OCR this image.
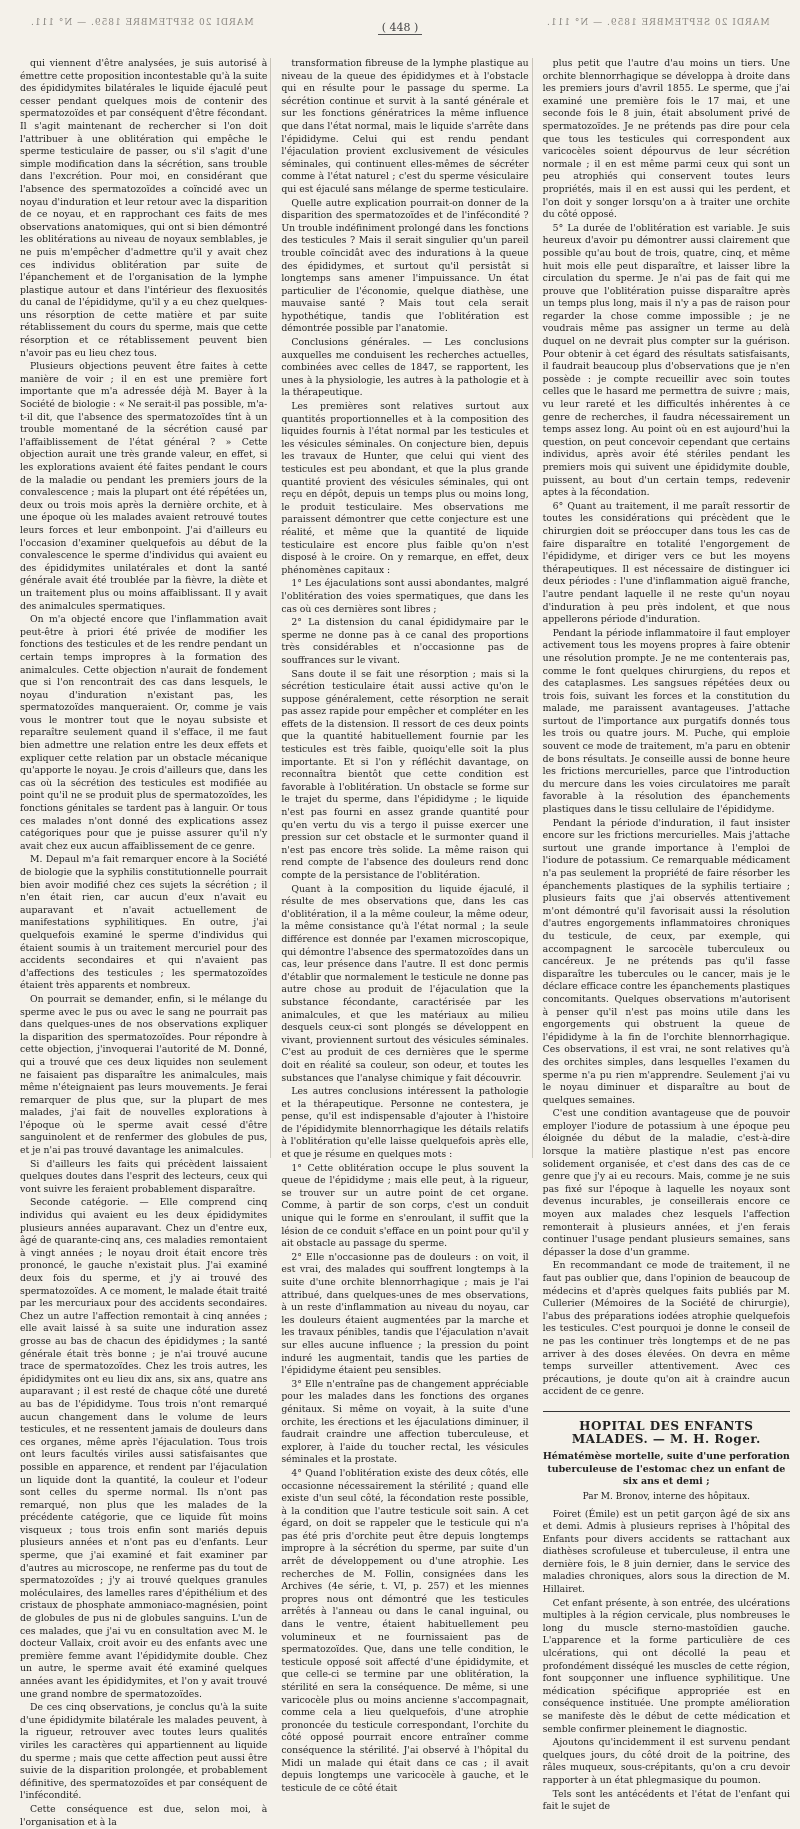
MARDI 20 SEPTEMBRE 1859. — N° 111.	( 448 )	MARDI 20 SEPTEMBRE 1859. — N° 111.

qui viennent d'être analysées, je suis autorisé à émettre cette proposition incontestable qu'à la suite des épididymites bilatérales le liquide éjaculé peut cesser pendant quelques mois de contenir des spermatozoïdes et par conséquent d'être fécondant. Il s'agit maintenant de rechercher si l'on doit l'attribuer à une oblitération qui empêche le sperme testiculaire de passer, ou s'il s'agit d'une simple modification dans la sécrétion, sans trouble dans l'excrétion. Pour moi, en considérant que l'absence des spermatozoïdes a coïncidé avec un noyau d'induration et leur retour avec la disparition de ce noyau, et en rapprochant ces faits de mes observations anatomiques, qui ont si bien démontré les oblitérations au niveau de noyaux semblables, je ne puis m'empêcher d'admettre qu'il y avait chez ces individus oblitération par suite de l'épanchement et de l'organisation de la lymphe plastique autour et dans l'intérieur des flexuosités du canal de l'épididyme, qu'il y a eu chez quelques-uns résorption de cette matière et par suite rétablissement du cours du sperme, mais que cette résorption et ce rétablissement peuvent bien n'avoir pas eu lieu chez tous.

Plusieurs objections peuvent être faites à cette manière de voir ; il en est une première fort importante que m'a adressée déjà M. Bayer à la Société de biologie : « Ne serait-il pas possible, m'a-t-il dit, que l'absence des spermatozoïdes tînt à un trouble momentané de la sécrétion causé par l'affaiblissement de l'état général ? » Cette objection aurait une très grande valeur, en effet, si les explorations avaient été faites pendant le cours de la maladie ou pendant les premiers jours de la convalescence ; mais la plupart ont été répétées un, deux ou trois mois après la dernière orchite, et à une époque où les malades avaient retrouvé toutes leurs forces et leur embonpoint. J'ai d'ailleurs eu l'occasion d'examiner quelquefois au début de la convalescence le sperme d'individus qui avaient eu des épididymites unilatérales et dont la santé générale avait été troublée par la fièvre, la diète et un traitement plus ou moins affaiblissant. Il y avait des animalcules spermatiques.

On m'a objecté encore que l'inflammation avait peut-être à priori été privée de modifier les fonctions des testicules et de les rendre pendant un certain temps impropres à la formation des animalcules. Cette objection n'aurait de fondement que si l'on rencontrait des cas dans lesquels, le noyau d'induration n'existant pas, les spermatozoïdes manqueraient. Or, comme je vais vous le montrer tout que le noyau subsiste et reparaître seulement quand il s'efface, il me faut bien admettre une relation entre les deux effets et expliquer cette relation par un obstacle mécanique qu'apporte le noyau. Je crois d'ailleurs que, dans les cas où la sécrétion des testicules est modifiée au point qu'il ne se produit plus de spermatozoïdes, les fonctions génitales se tardent pas à languir. Or tous ces malades n'ont donné des explications assez catégoriques pour que je puisse assurer qu'il n'y avait chez eux aucun affaiblissement de ce genre.

M. Depaul m'a fait remarquer encore à la Société de biologie que la syphilis constitutionnelle pourrait bien avoir modifié chez ces sujets la sécrétion ; il n'en était rien, car aucun d'eux n'avait eu auparavant et n'avait actuellement de manifestations syphilitiques. En outre, j'ai quelquefois examiné le sperme d'individus qui étaient soumis à un traitement mercuriel pour des accidents secondaires et qui n'avaient pas d'affections des testicules ; les spermatozoïdes étaient très apparents et nombreux.

On pourrait se demander, enfin, si le mélange du sperme avec le pus ou avec le sang ne pourrait pas dans quelques-unes de nos observations expliquer la disparition des spermatozoïdes. Pour répondre à cette objection, j'invoquerai l'autorité de M. Donné, qui a trouvé que ces deux liquides non seulement ne faisaient pas disparaître les animalcules, mais même n'éteignaient pas leurs mouvements. Je ferai remarquer de plus que, sur la plupart de mes malades, j'ai fait de nouvelles explorations à l'époque où le sperme avait cessé d'être sanguinolent et de renfermer des globules de pus, et je n'ai pas trouvé davantage les animalcules.

Si d'ailleurs les faits qui précèdent laissaient quelques doutes dans l'esprit des lecteurs, ceux qui vont suivre les feraient probablement disparaître.

Seconde catégorie. — Elle comprend cinq individus qui avaient eu les deux épididymites plusieurs années auparavant. Chez un d'entre eux, âgé de quarante-cinq ans, ces maladies remontaient à vingt années ; le noyau droit était encore très prononcé, le gauche n'existait plus. J'ai examiné deux fois du sperme, et j'y ai trouvé des spermatozoïdes. A ce moment, le malade était traité par les mercuriaux pour des accidents secondaires. Chez un autre l'affection remontait à cinq années ; elle avait laissé à sa suite une induration assez grosse au bas de chacun des épididymes ; la santé générale était très bonne ; je n'ai trouvé aucune trace de spermatozoïdes. Chez les trois autres, les épididymites ont eu lieu dix ans, six ans, quatre ans auparavant ; il est resté de chaque côté une dureté au bas de l'épididyme. Tous trois n'ont remarqué aucun changement dans le volume de leurs testicules, et ne ressentent jamais de douleurs dans ces organes, même après l'éjaculation. Tous trois ont leurs facultés viriles aussi satisfaisantes que possible en apparence, et rendent par l'éjaculation un liquide dont la quantité, la couleur et l'odeur sont celles du sperme normal. Ils n'ont pas remarqué, non plus que les malades de la précédente catégorie, que ce liquide fût moins visqueux ; tous trois enfin sont mariés depuis plusieurs années et n'ont pas eu d'enfants. Leur sperme, que j'ai examiné et fait examiner par d'autres au microscope, ne renferme pas du tout de spermatozoïdes ; j'y ai trouvé quelques granules moléculaires, des lamelles rares d'épithélium et des cristaux de phosphate ammoniaco-magnésien, point de globules de pus ni de globules sanguins. L'un de ces malades, que j'ai vu en consultation avec M. le docteur Vallaix, croit avoir eu des enfants avec une première femme avant l'épididymite double. Chez un autre, le sperme avait été examiné quelques années avant les épididymites, et l'on y avait trouvé une grand nombre de spermatozoïdes.

De ces cinq observations, je conclus qu'à la suite d'une épididymite bilatérale les malades peuvent, à la rigueur, retrouver avec toutes leurs qualités viriles les caractères qui appartiennent au liquide du sperme ; mais que cette affection peut aussi être suivie de la disparition prolongée, et probablement définitive, des spermatozoïdes et par conséquent de l'infécondité.

Cette conséquence est due, selon moi, à l'organisation et à la

transformation fibreuse de la lymphe plastique au niveau de la queue des épididymes et à l'obstacle qui en résulte pour le passage du sperme. La sécrétion continue et survit à la santé générale et sur les fonctions génératrices la même influence que dans l'état normal, mais le liquide s'arrête dans l'épididyme. Celui qui est rendu pendant l'éjaculation provient exclusivement de vésicules séminales, qui continuent elles-mêmes de sécréter comme à l'état naturel ; c'est du sperme vésiculaire qui est éjaculé sans mélange de sperme testiculaire.

Quelle autre explication pourrait-on donner de la disparition des spermatozoïdes et de l'infécondité ? Un trouble indéfiniment prolongé dans les fonctions des testicules ? Mais il serait singulier qu'un pareil trouble coïncidât avec des indurations à la queue des épididymes, et surtout qu'il persistât si longtemps sans amener l'impuissance. Un état particulier de l'économie, quelque diathèse, une mauvaise santé ? Mais tout cela serait hypothétique, tandis que l'oblitération est démontrée possible par l'anatomie.

Conclusions générales. — Les conclusions auxquelles me conduisent les recherches actuelles, combinées avec celles de 1847, se rapportent, les unes à la physiologie, les autres à la pathologie et à la thérapeutique.

Les premières sont relatives surtout aux quantités proportionnelles et à la composition des liquides fournis à l'état normal par les testicules et les vésicules séminales. On conjecture bien, depuis les travaux de Hunter, que celui qui vient des testicules est peu abondant, et que la plus grande quantité provient des vésicules séminales, qui ont reçu en dépôt, depuis un temps plus ou moins long, le produit testiculaire. Mes observations me paraissent démontrer que cette conjecture est une réalité, et même que la quantité de liquide testiculaire est encore plus faible qu'on n'est disposé à le croire. On y remarque, en effet, deux phénomènes capitaux :

1° Les éjaculations sont aussi abondantes, malgré l'oblitération des voies spermatiques, que dans les cas où ces dernières sont libres ;

2° La distension du canal épididymaire par le sperme ne donne pas à ce canal des proportions très considérables et n'occasionne pas de souffrances sur le vivant.

Sans doute il se fait une résorption ; mais si la sécrétion testiculaire était aussi active qu'on le suppose généralement, cette résorption ne serait pas assez rapide pour empêcher et compléter en les effets de la distension. Il ressort de ces deux points que la quantité habituellement fournie par les testicules est très faible, quoiqu'elle soit la plus importante. Et si l'on y réfléchit davantage, on reconnaîtra bientôt que cette condition est favorable à l'oblitération. Un obstacle se forme sur le trajet du sperme, dans l'épididyme ; le liquide n'est pas fourni en assez grande quantité pour qu'en vertu du vis a tergo il puisse exercer une pression sur cet obstacle et le surmonter quand il n'est pas encore très solide. La même raison qui rend compte de l'absence des douleurs rend donc compte de la persistance de l'oblitération.

Quant à la composition du liquide éjaculé, il résulte de mes observations que, dans les cas d'oblitération, il a la même couleur, la même odeur, la même consistance qu'à l'état normal ; la seule différence est donnée par l'examen microscopique, qui démontre l'absence des spermatozoïdes dans un cas, leur présence dans l'autre. Il est donc permis d'établir que normalement le testicule ne donne pas autre chose au produit de l'éjaculation que la substance fécondante, caractérisée par les animalcules, et que les matériaux au milieu desquels ceux-ci sont plongés se développent en vivant, proviennent surtout des vésicules séminales. C'est au produit de ces dernières que le sperme doit en réalité sa couleur, son odeur, et toutes les substances que l'analyse chimique y fait découvrir.

Les autres conclusions intéressent la pathologie et la thérapeutique. Personne ne contestera, je pense, qu'il est indispensable d'ajouter à l'histoire de l'épididymite blennorrhagique les détails relatifs à l'oblitération qu'elle laisse quelquefois après elle, et que je résume en quelques mots :

1° Cette oblitération occupe le plus souvent la queue de l'épididyme ; mais elle peut, à la rigueur, se trouver sur un autre point de cet organe. Comme, à partir de son corps, c'est un conduit unique qui le forme en s'enroulant, il suffit que la lésion de ce conduit s'efface en un point pour qu'il y ait obstacle au passage du sperme.

2° Elle n'occasionne pas de douleurs : on voit, il est vrai, des malades qui souffrent longtemps à la suite d'une orchite blennorrhagique ; mais je l'ai attribué, dans quelques-unes de mes observations, à un reste d'inflammation au niveau du noyau, car les douleurs étaient augmentées par la marche et les travaux pénibles, tandis que l'éjaculation n'avait sur elles aucune influence ; la pression du point induré les augmentait, tandis que les parties de l'épididyme étaient peu sensibles.

3° Elle n'entraîne pas de changement appréciable pour les malades dans les fonctions des organes génitaux. Si même on voyait, à la suite d'une orchite, les érections et les éjaculations diminuer, il faudrait craindre une affection tuberculeuse, et explorer, à l'aide du toucher rectal, les vésicules séminales et la prostate.

4° Quand l'oblitération existe des deux côtés, elle occasionne nécessairement la stérilité ; quand elle existe d'un seul côté, la fécondation reste possible, à la condition que l'autre testicule soit sain. A cet égard, on doit se rappeler que le testicule qui n'a pas été pris d'orchite peut être depuis longtemps impropre à la sécrétion du sperme, par suite d'un arrêt de développement ou d'une atrophie. Les recherches de M. Follin, consignées dans les Archives (4e série, t. VI, p. 257) et les miennes propres nous ont démontré que les testicules arrêtés à l'anneau ou dans le canal inguinal, ou dans le ventre, étaient habituellement peu volumineux et ne fournissaient pas de spermatozoïdes. Que, dans une telle condition, le testicule opposé soit affecté d'une épididymite, et que celle-ci se termine par une oblitération, la stérilité en sera la conséquence. De même, si une varicocèle plus ou moins ancienne s'accompagnait, comme cela a lieu quelquefois, d'une atrophie prononcée du testicule correspondant, l'orchite du côté opposé pourrait encore entraîner comme conséquence la stérilité. J'ai observé à l'hôpital du Midi un malade qui était dans ce cas ; il avait depuis longtemps une varicocèle à gauche, et le testicule de ce côté était

plus petit que l'autre d'au moins un tiers. Une orchite blennorrhagique se développa à droite dans les premiers jours d'avril 1855. Le sperme, que j'ai examiné une première fois le 17 mai, et une seconde fois le 8 juin, était absolument privé de spermatozoïdes. Je ne prétends pas dire pour cela que tous les testicules qui correspondent aux varicocèles soient dépourvus de leur sécrétion normale ; il en est même parmi ceux qui sont un peu atrophiés qui conservent toutes leurs propriétés, mais il en est aussi qui les perdent, et l'on doit y songer lorsqu'on a à traiter une orchite du côté opposé.

5° La durée de l'oblitération est variable. Je suis heureux d'avoir pu démontrer aussi clairement que possible qu'au bout de trois, quatre, cinq, et même huit mois elle peut disparaître, et laisser libre la circulation du sperme. Je n'ai pas de fait qui me prouve que l'oblitération puisse disparaître après un temps plus long, mais il n'y a pas de raison pour regarder la chose comme impossible ; je ne voudrais même pas assigner un terme au delà duquel on ne devrait plus compter sur la guérison. Pour obtenir à cet égard des résultats satisfaisants, il faudrait beaucoup plus d'observations que je n'en possède : je compte recueillir avec soin toutes celles que le hasard me permettra de suivre ; mais, vu leur rareté et les difficultés inhérentes à ce genre de recherches, il faudra nécessairement un temps assez long. Au point où en est aujourd'hui la question, on peut concevoir cependant que certains individus, après avoir été stériles pendant les premiers mois qui suivent une épididymite double, puissent, au bout d'un certain temps, redevenir aptes à la fécondation.

6° Quant au traitement, il me paraît ressortir de toutes les considérations qui précèdent que le chirurgien doit se préoccuper dans tous les cas de faire disparaître en totalité l'engorgement de l'épididyme, et diriger vers ce but les moyens thérapeutiques. Il est nécessaire de distinguer ici deux périodes : l'une d'inflammation aiguë franche, l'autre pendant laquelle il ne reste qu'un noyau d'induration à peu près indolent, et que nous appellerons période d'induration.

Pendant la période inflammatoire il faut employer activement tous les moyens propres à faire obtenir une résolution prompte. Je ne me contenterais pas, comme le font quelques chirurgiens, du repos et des cataplasmes. Les sangsues répétées deux ou trois fois, suivant les forces et la constitution du malade, me paraissent avantageuses. J'attache surtout de l'importance aux purgatifs donnés tous les trois ou quatre jours. M. Puche, qui emploie souvent ce mode de traitement, m'a paru en obtenir de bons résultats. Je conseille aussi de bonne heure les frictions mercurielles, parce que l'introduction du mercure dans les voies circulatoires me paraît favorable à la résolution des épanchements plastiques dans le tissu cellulaire de l'épididyme.

Pendant la période d'induration, il faut insister encore sur les frictions mercurielles. Mais j'attache surtout une grande importance à l'emploi de l'iodure de potassium. Ce remarquable médicament n'a pas seulement la propriété de faire résorber les épanchements plastiques de la syphilis tertiaire ; plusieurs faits que j'ai observés attentivement m'ont démontré qu'il favorisait aussi la résolution d'autres engorgements inflammatoires chroniques du testicule, de ceux, par exemple, qui accompagnent le sarcocèle tuberculeux ou cancéreux. Je ne prétends pas qu'il fasse disparaître les tubercules ou le cancer, mais je le déclare efficace contre les épanchements plastiques concomitants. Quelques observations m'autorisent à penser qu'il n'est pas moins utile dans les engorgements qui obstruent la queue de l'épididyme à la fin de l'orchite blennorrhagique. Ces observations, il est vrai, ne sont relatives qu'à des orchites simples, dans lesquelles l'examen du sperme n'a pu rien m'apprendre. Seulement j'ai vu le noyau diminuer et disparaître au bout de quelques semaines.

C'est une condition avantageuse que de pouvoir employer l'iodure de potassium à une époque peu éloignée du début de la maladie, c'est-à-dire lorsque la matière plastique n'est pas encore solidement organisée, et c'est dans des cas de ce genre que j'y ai eu recours. Mais, comme je ne suis pas fixé sur l'époque à laquelle les noyaux sont devenus incurables, je conseillerais encore ce moyen aux malades chez lesquels l'affection remonterait à plusieurs années, et j'en ferais continuer l'usage pendant plusieurs semaines, sans dépasser la dose d'un gramme.

En recommandant ce mode de traitement, il ne faut pas oublier que, dans l'opinion de beaucoup de médecins et d'après quelques faits publiés par M. Cullerier (Mémoires de la Société de chirurgie), l'abus des préparations iodées atrophie quelquefois les testicules. C'est pourquoi je donne le conseil de ne pas les continuer très longtemps et de ne pas arriver à des doses élevées. On devra en même temps surveiller attentivement. Avec ces précautions, je doute qu'on ait à craindre aucun accident de ce genre.

HOPITAL DES ENFANTS MALADES. — M. H. Roger.
Hématémèse mortelle, suite d'une perforation tuberculeuse de l'estomac chez un enfant de six ans et demi ;
Par M. Bronov, interne des hôpitaux.

Foiret (Émile) est un petit garçon âgé de six ans et demi. Admis à plusieurs reprises à l'hôpital des Enfants pour divers accidents se rattachant aux diathèses scrofuleuse et tuberculeuse, il entra une dernière fois, le 8 juin dernier, dans le service des maladies chroniques, alors sous la direction de M. Hillairet.

Cet enfant présente, à son entrée, des ulcérations multiples à la région cervicale, plus nombreuses le long du muscle sterno-mastoïdien gauche. L'apparence et la forme particulière de ces ulcérations, qui ont décollé la peau et profondément disséqué les muscles de cette région, font soupçonner une influence syphilitique. Une médication spécifique appropriée est en conséquence instituée. Une prompte amélioration se manifeste dès le début de cette médication et semble confirmer pleinement le diagnostic.

Ajoutons qu'incidemment il est survenu pendant quelques jours, du côté droit de la poitrine, des râles muqueux, sous-crépitants, qu'on a cru devoir rapporter à un état phlegmasique du poumon.

Tels sont les antécédents et l'état de l'enfant qui fait le sujet de
